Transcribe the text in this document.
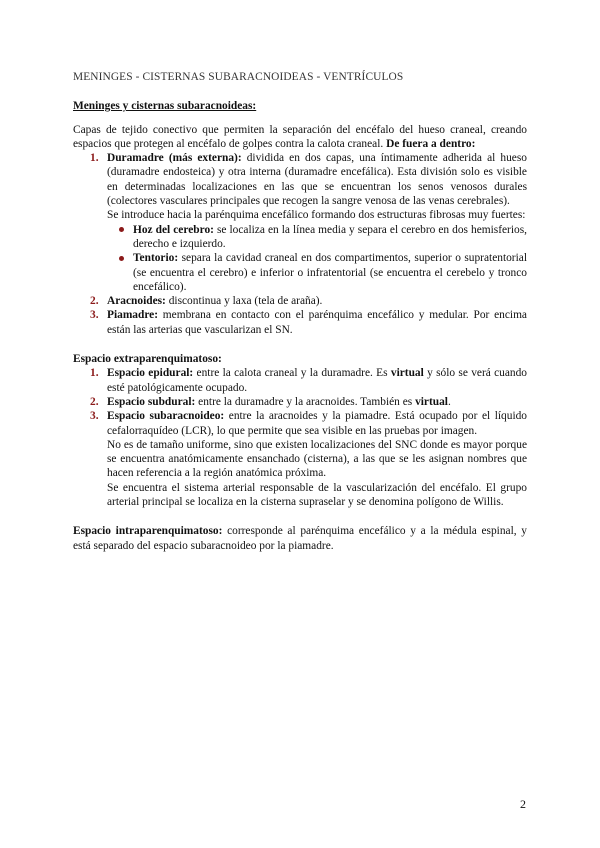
MENINGES - CISTERNAS SUBARACNOIDEAS - VENTRÍCULOS
Meninges y cisternas subaracnoideas:

Capas de tejido conectivo que permiten la separación del encéfalo del hueso craneal, creando espacios que protegen al encéfalo de golpes contra la calota craneal. De fuera a dentro:

1. Duramadre (más externa): dividida en dos capas, una íntimamente adherida al hueso (duramadre endosteica) y otra interna (duramadre encefálica). Esta división solo es visible en determinadas localizaciones en las que se encuentran los senos venosos durales (colectores vasculares principales que recogen la sangre venosa de las venas cerebrales).
Se introduce hacia la parénquima encefálico formando dos estructuras fibrosas muy fuertes:
Hoz del cerebro: se localiza en la línea media y separa el cerebro en dos hemisferios, derecho e izquierdo.
Tentorio: separa la cavidad craneal en dos compartimentos, superior o supratentorial (se encuentra el cerebro) e inferior o infratentorial (se encuentra el cerebelo y tronco encefálico).
2. Aracnoides: discontinua y laxa (tela de araña).
3. Piamadre: membrana en contacto con el parénquima encefálico y medular. Por encima están las arterias que vascularizan el SN.
Espacio extraparenquimatoso:
1. Espacio epidural: entre la calota craneal y la duramadre. Es virtual y sólo se verá cuando esté patológicamente ocupado.
2. Espacio subdural: entre la duramadre y la aracnoides. También es virtual.
3. Espacio subaracnoideo: entre la aracnoides y la piamadre. Está ocupado por el líquido cefalorraquídeo (LCR), lo que permite que sea visible en las pruebas por imagen.
No es de tamaño uniforme, sino que existen localizaciones del SNC donde es mayor porque se encuentra anatómicamente ensanchado (cisterna), a las que se les asignan nombres que hacen referencia a la región anatómica próxima.
Se encuentra el sistema arterial responsable de la vascularización del encéfalo. El grupo arterial principal se localiza en la cisterna supraselar y se denomina polígono de Willis.

Espacio intraparenquimatoso: corresponde al parénquima encefálico y a la médula espinal, y está separado del espacio subaracnoideo por la piamadre.

2
